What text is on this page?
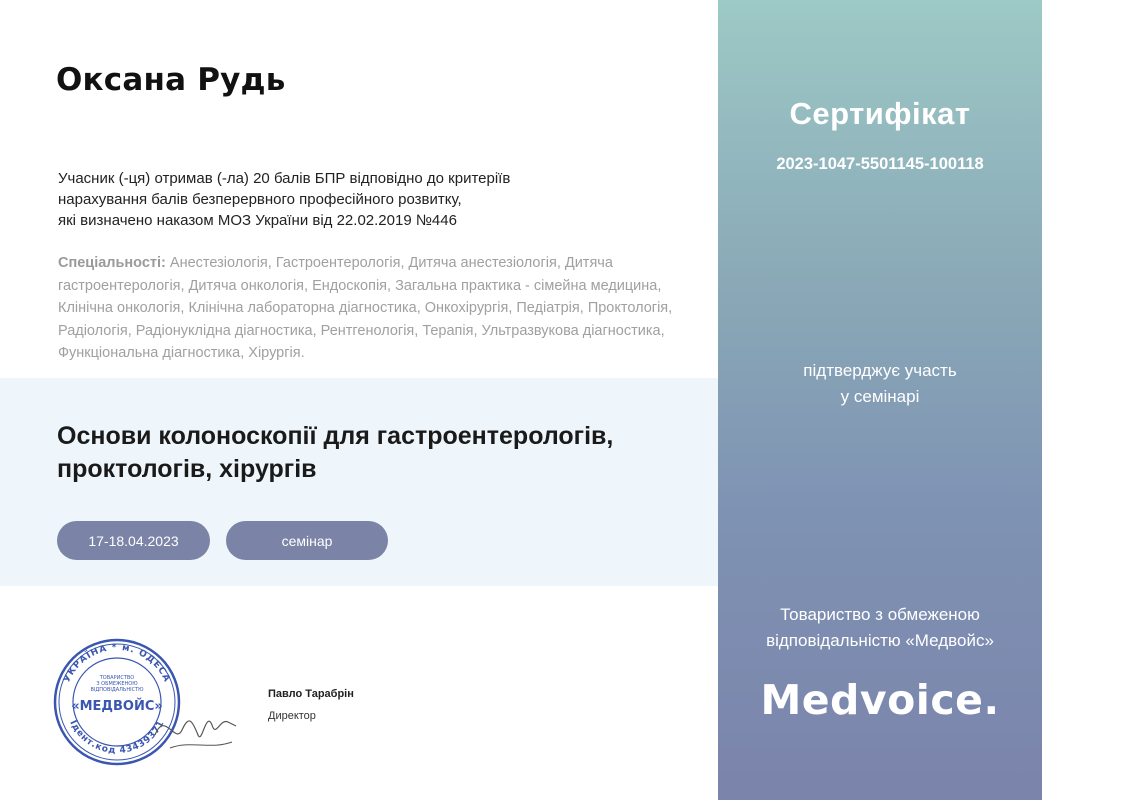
Оксана Рудь
Учасник (-ця) отримав (-ла) 20 балів БПР відповідно до критеріїв
нарахування балів безперервного професійного розвитку,
які визначено наказом МОЗ України від 22.02.2019 №446
Спеціальності: Анестезіологія, Гастроентерологія, Дитяча анестезіологія, Дитяча гастроентерологія, Дитяча онкологія, Ендоскопія, Загальна практика - сімейна медицина, Клінічна онкологія, Клінічна лабораторна діагностика, Онкохірургія, Педіатрія, Проктологія, Радіологія, Радіонуклідна діагностика, Рентгенологія, Терапія, Ультразвукова діагностика, Функціональна діагностика, Хірургія.
Основи колоноскопії для гастроентерологів,
проктологів, хірургів
17-18.04.2023	семінар
УКРАЇНА * м. ОДЕСА
Ідент.код 43439371
ТОВАРИСТВО
З ОБМЕЖЕНОЮ
ВІДПОВІДАЛЬНІСТЮ
«МЕДВОЙС»
Павло Тарабрін
Директор
Сертифікат
2023-1047-5501145-100118
підтверджує участь
у семінарі
Товариство з обмеженою
відповідальністю «Медвойс»
Medvoice.
